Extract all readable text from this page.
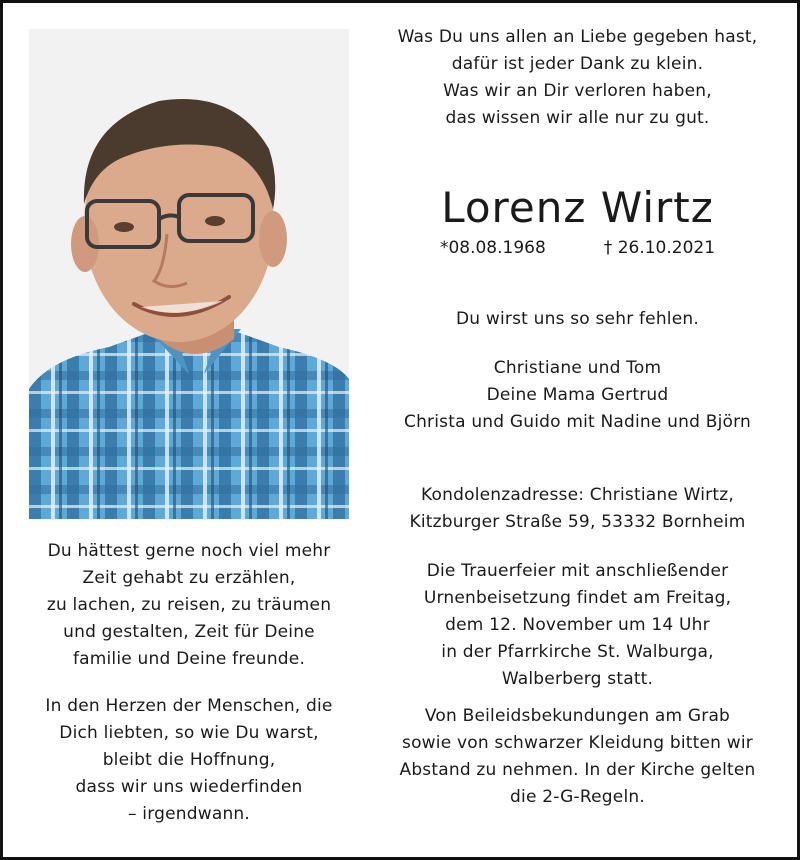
Was Du uns allen an Liebe gegeben hast,

dafür ist jeder Dank zu klein.

Was wir an Dir verloren haben,

das wissen wir alle nur zu gut.

Lorenz Wirtz
*08.08.1968	† 26.10.2021

Du wirst uns so sehr fehlen.

Christiane und Tom

Deine Mama Gertrud

Christa und Guido mit Nadine und Björn

Kondolenzadresse: Christiane Wirtz,

Kitzburger Straße 59, 53332 Bornheim

Die Trauerfeier mit anschließender

Urnenbeisetzung findet am Freitag,

dem 12. November um 14 Uhr

in der Pfarrkirche St. Walburga,

Walberberg statt.

Von Beileidsbekundungen am Grab

sowie von schwarzer Kleidung bitten wir

Abstand zu nehmen. In der Kirche gelten

die 2-G-Regeln.

Du hättest gerne noch viel mehr

Zeit gehabt zu erzählen,

zu lachen, zu reisen, zu träumen

und gestalten, Zeit für Deine

familie und Deine freunde.

In den Herzen der Menschen, die

Dich liebten, so wie Du warst,

bleibt die Hoffnung,

dass wir uns wiederfinden

– irgendwann.
